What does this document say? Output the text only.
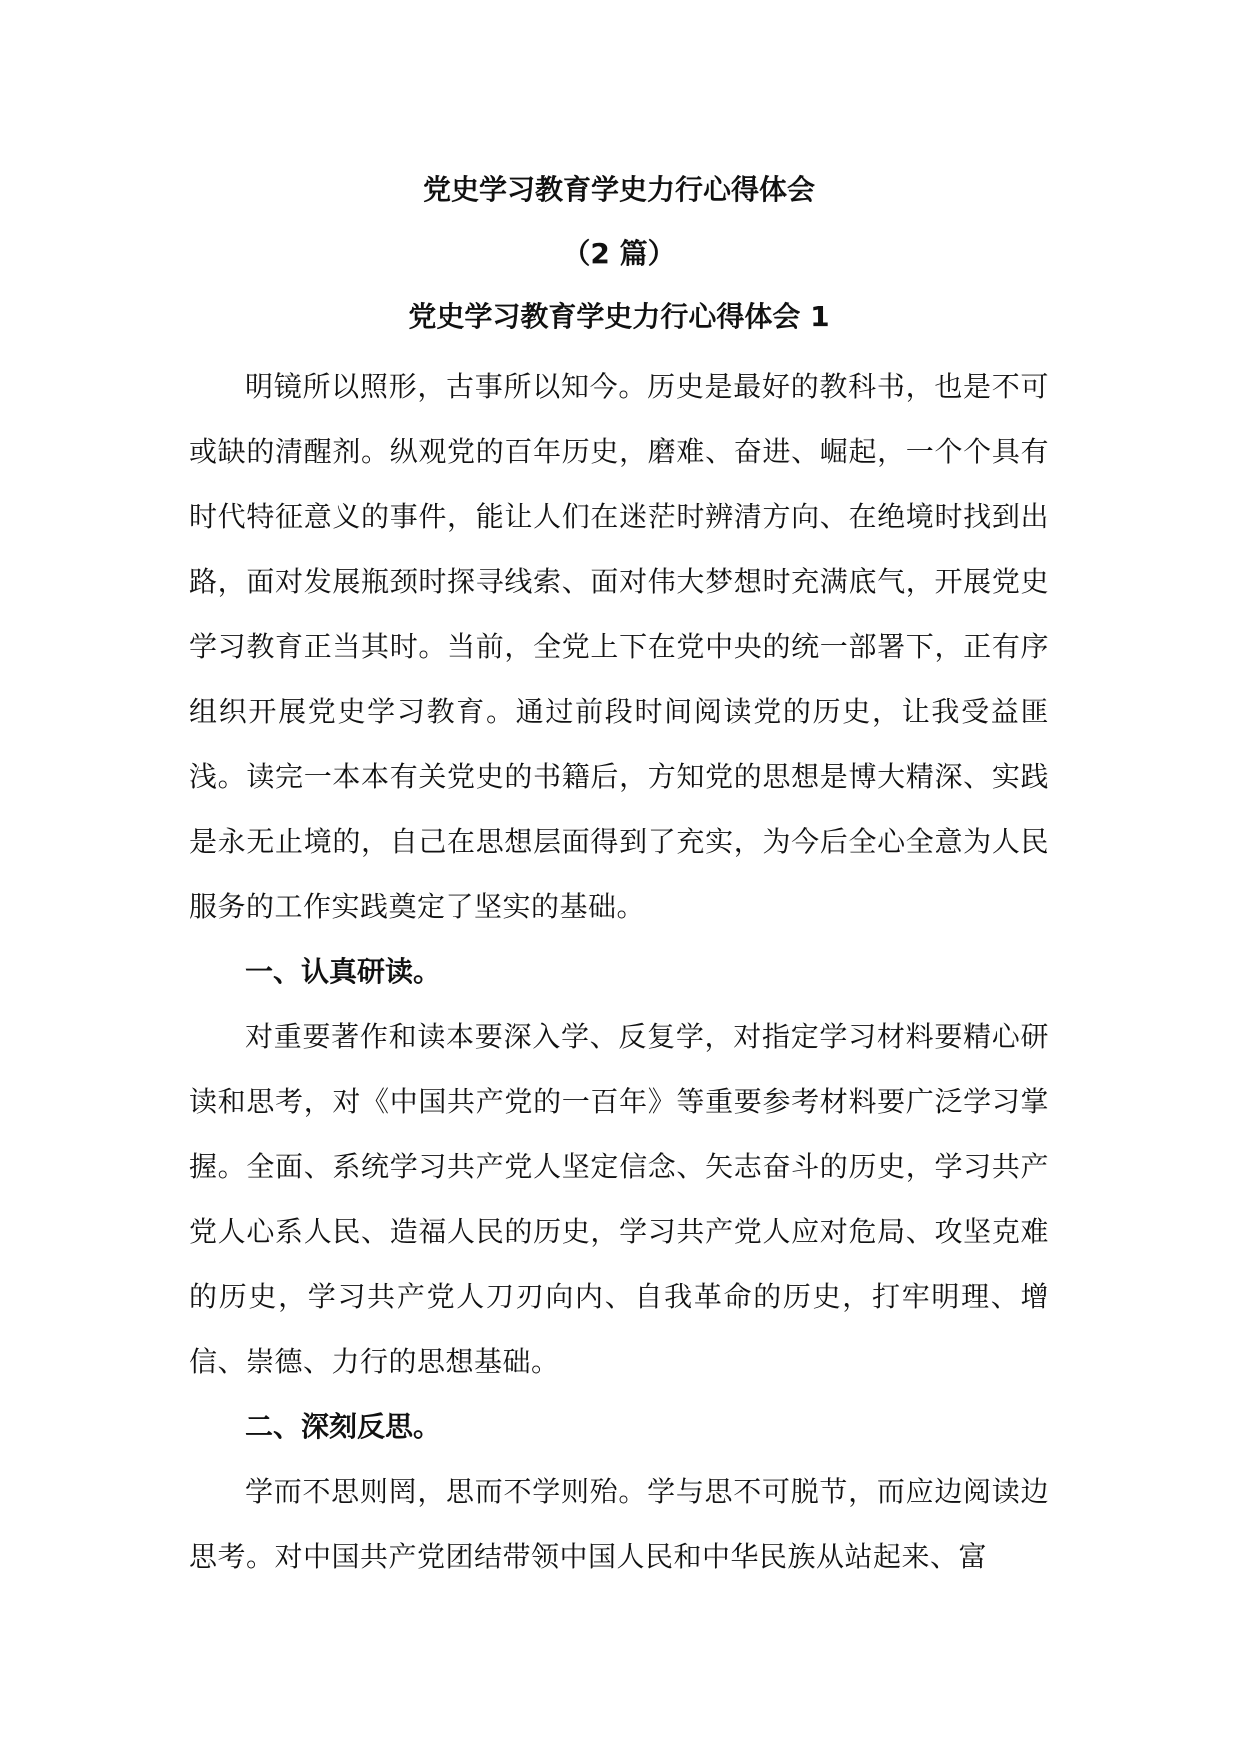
党史学习教育学史力行心得体会
（2 篇）
党史学习教育学史力行心得体会 1

明镜所以照形，古事所以知今。历史是最好的教科书，也是不可或缺的清醒剂。纵观党的百年历史，磨难、奋进、崛起，一个个具有时代特征意义的事件，能让人们在迷茫时辨清方向、在绝境时找到出路，面对发展瓶颈时探寻线索、面对伟大梦想时充满底气，开展党史学习教育正当其时。当前，全党上下在党中央的统一部署下，正有序组织开展党史学习教育。通过前段时间阅读党的历史，让我受益匪浅。读完一本本有关党史的书籍后，方知党的思想是博大精深、实践是永无止境的，自己在思想层面得到了充实，为今后全心全意为人民服务的工作实践奠定了坚实的基础。

一、认真研读。

对重要著作和读本要深入学、反复学，对指定学习材料要精心研读和思考，对《中国共产党的一百年》等重要参考材料要广泛学习掌握。全面、系统学习共产党人坚定信念、矢志奋斗的历史，学习共产党人心系人民、造福人民的历史，学习共产党人应对危局、攻坚克难的历史，学习共产党人刀刃向内、自我革命的历史，打牢明理、增信、崇德、力行的思想基础。

二、深刻反思。

学而不思则罔，思而不学则殆。学与思不可脱节，而应边阅读边思考。对中国共产党团结带领中国人民和中华民族从站起来、富
